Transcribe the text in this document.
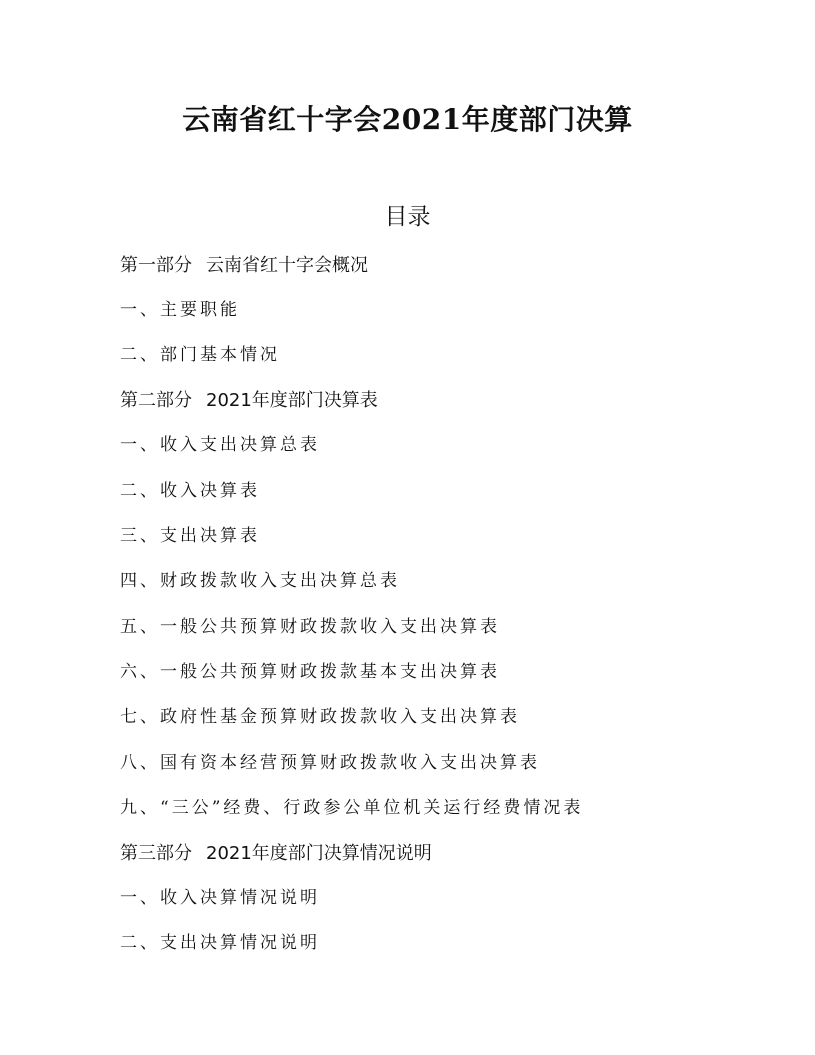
云南省红十字会2021年度部门决算
目录

第一部分 云南省红十字会概况

一、主要职能

二、部门基本情况

第二部分 2021年度部门决算表

一、收入支出决算总表

二、收入决算表

三、支出决算表

四、财政拨款收入支出决算总表

五、一般公共预算财政拨款收入支出决算表

六、一般公共预算财政拨款基本支出决算表

七、政府性基金预算财政拨款收入支出决算表

八、国有资本经营预算财政拨款收入支出决算表

九、“三公”经费、行政参公单位机关运行经费情况表

第三部分 2021年度部门决算情况说明

一、收入决算情况说明

二、支出决算情况说明
